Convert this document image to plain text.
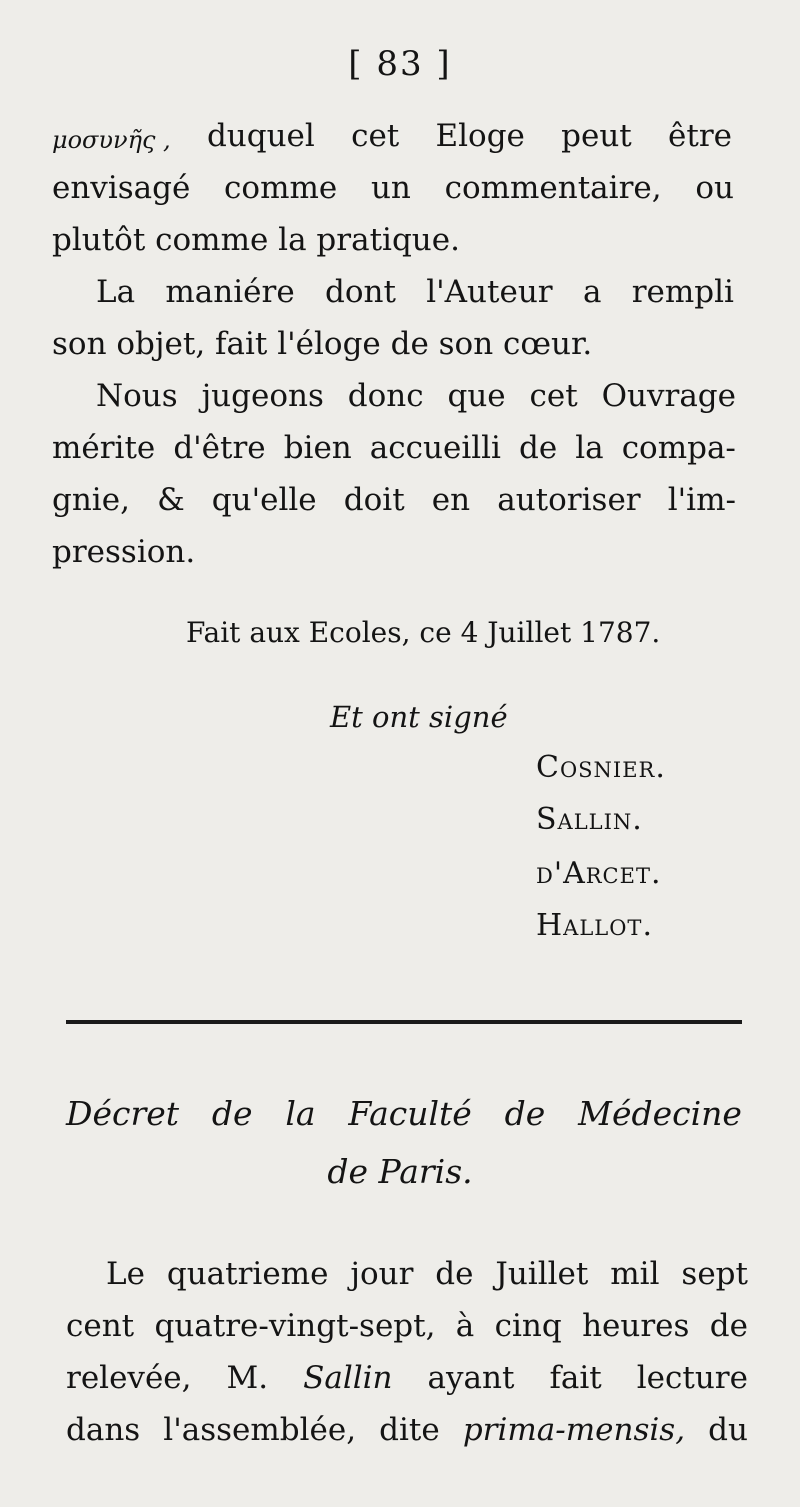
[ 83 ]
μοσυνῆς , duquel cet Eloge peut être
envisagé comme un commentaire, ou
plutôt comme la pratique.
La maniére dont l'Auteur a rempli
son objet, fait l'éloge de son cœur.
Nous jugeons donc que cet Ouvrage
mérite d'être bien accueilli de la compa-
gnie, & qu'elle doit en autoriser l'im-
pression.
Fait aux Ecoles, ce 4 Juillet 1787.
Et ont signé
Cosnier.
Sallin.
d'Arcet.
Hallot.
Décret de la Faculté de Médecine
de Paris.
Le quatrieme jour de Juillet mil sept
cent quatre-vingt-sept, à cinq heures de
relevée, M. Sallin ayant fait lecture
dans l'assemblée, dite prima-mensis, du
